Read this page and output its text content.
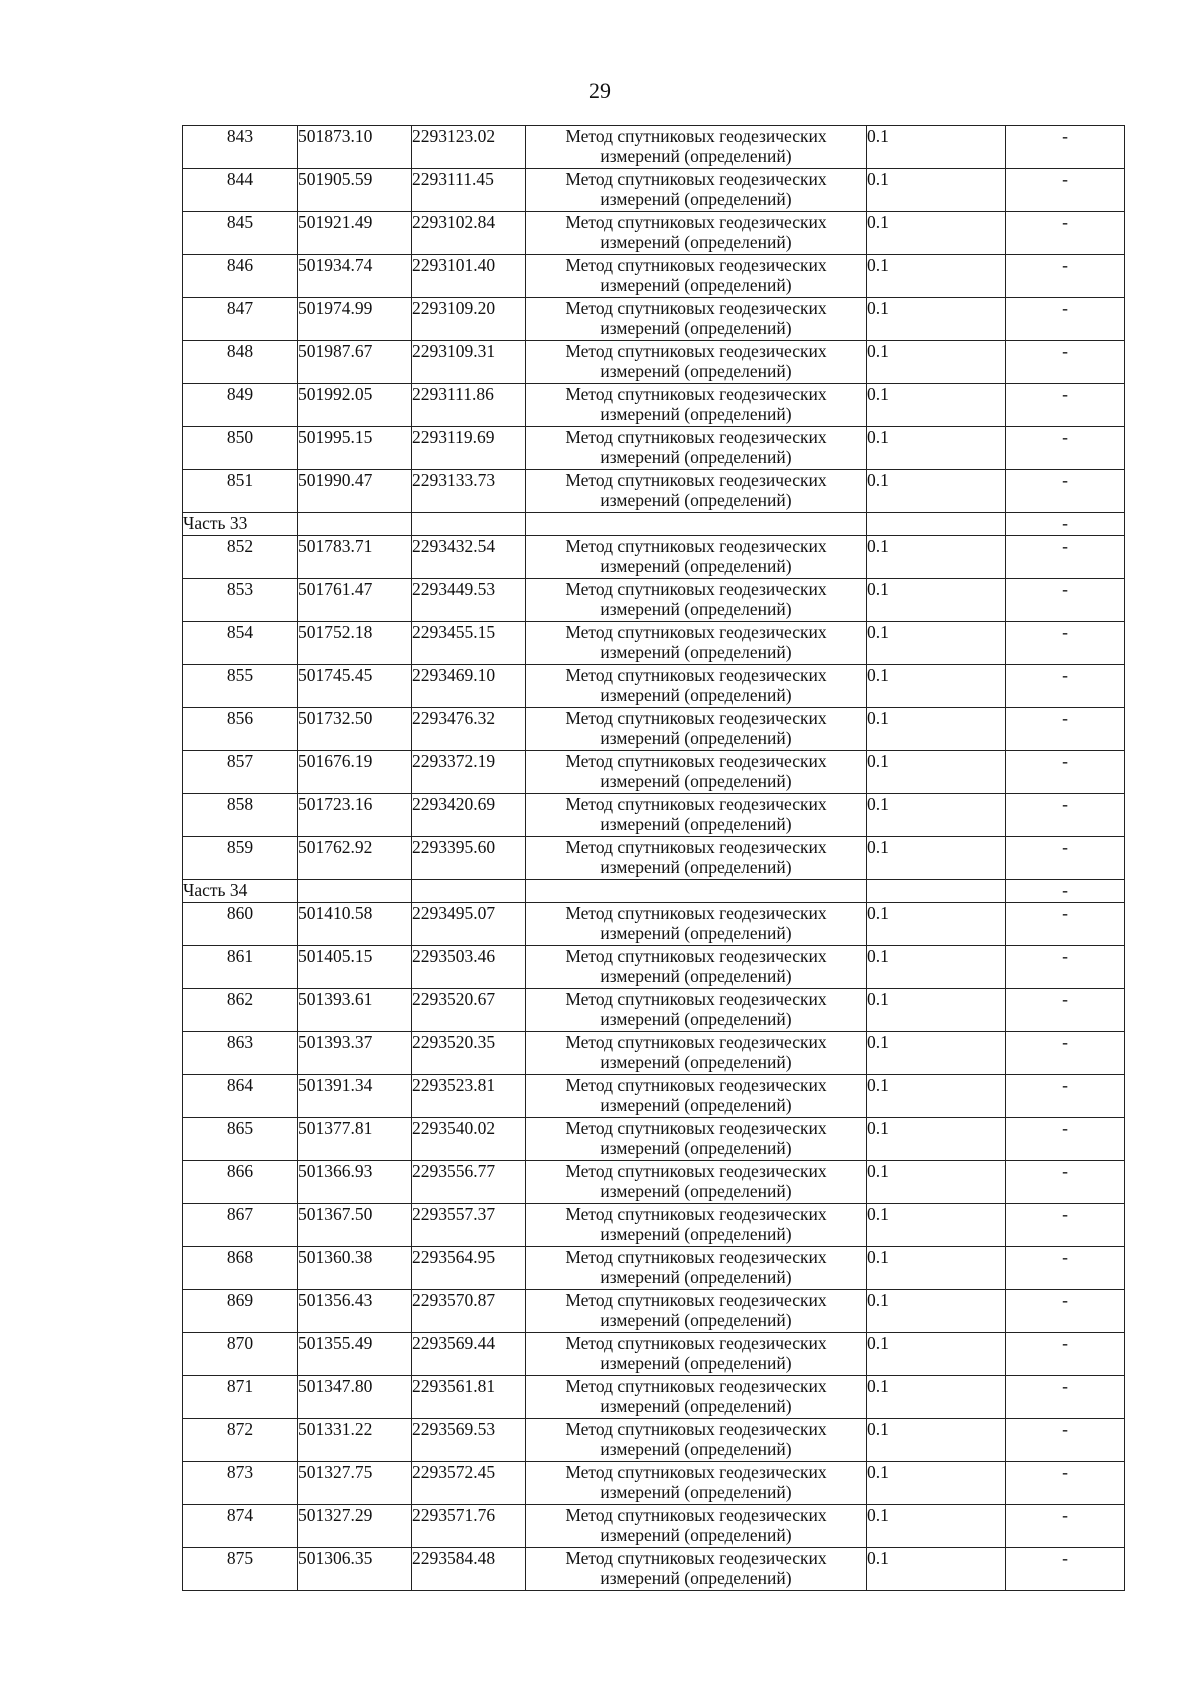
29
843	501873.10	2293123.02	Метод спутниковых геодезических измерений (определений)	0.1	-
844	501905.59	2293111.45	Метод спутниковых геодезических измерений (определений)	0.1	-
845	501921.49	2293102.84	Метод спутниковых геодезических измерений (определений)	0.1	-
846	501934.74	2293101.40	Метод спутниковых геодезических измерений (определений)	0.1	-
847	501974.99	2293109.20	Метод спутниковых геодезических измерений (определений)	0.1	-
848	501987.67	2293109.31	Метод спутниковых геодезических измерений (определений)	0.1	-
849	501992.05	2293111.86	Метод спутниковых геодезических измерений (определений)	0.1	-
850	501995.15	2293119.69	Метод спутниковых геодезических измерений (определений)	0.1	-
851	501990.47	2293133.73	Метод спутниковых геодезических измерений (определений)	0.1	-
Часть 33					-
852	501783.71	2293432.54	Метод спутниковых геодезических измерений (определений)	0.1	-
853	501761.47	2293449.53	Метод спутниковых геодезических измерений (определений)	0.1	-
854	501752.18	2293455.15	Метод спутниковых геодезических измерений (определений)	0.1	-
855	501745.45	2293469.10	Метод спутниковых геодезических измерений (определений)	0.1	-
856	501732.50	2293476.32	Метод спутниковых геодезических измерений (определений)	0.1	-
857	501676.19	2293372.19	Метод спутниковых геодезических измерений (определений)	0.1	-
858	501723.16	2293420.69	Метод спутниковых геодезических измерений (определений)	0.1	-
859	501762.92	2293395.60	Метод спутниковых геодезических измерений (определений)	0.1	-
Часть 34					-
860	501410.58	2293495.07	Метод спутниковых геодезических измерений (определений)	0.1	-
861	501405.15	2293503.46	Метод спутниковых геодезических измерений (определений)	0.1	-
862	501393.61	2293520.67	Метод спутниковых геодезических измерений (определений)	0.1	-
863	501393.37	2293520.35	Метод спутниковых геодезических измерений (определений)	0.1	-
864	501391.34	2293523.81	Метод спутниковых геодезических измерений (определений)	0.1	-
865	501377.81	2293540.02	Метод спутниковых геодезических измерений (определений)	0.1	-
866	501366.93	2293556.77	Метод спутниковых геодезических измерений (определений)	0.1	-
867	501367.50	2293557.37	Метод спутниковых геодезических измерений (определений)	0.1	-
868	501360.38	2293564.95	Метод спутниковых геодезических измерений (определений)	0.1	-
869	501356.43	2293570.87	Метод спутниковых геодезических измерений (определений)	0.1	-
870	501355.49	2293569.44	Метод спутниковых геодезических измерений (определений)	0.1	-
871	501347.80	2293561.81	Метод спутниковых геодезических измерений (определений)	0.1	-
872	501331.22	2293569.53	Метод спутниковых геодезических измерений (определений)	0.1	-
873	501327.75	2293572.45	Метод спутниковых геодезических измерений (определений)	0.1	-
874	501327.29	2293571.76	Метод спутниковых геодезических измерений (определений)	0.1	-
875	501306.35	2293584.48	Метод спутниковых геодезических измерений (определений)	0.1	-
